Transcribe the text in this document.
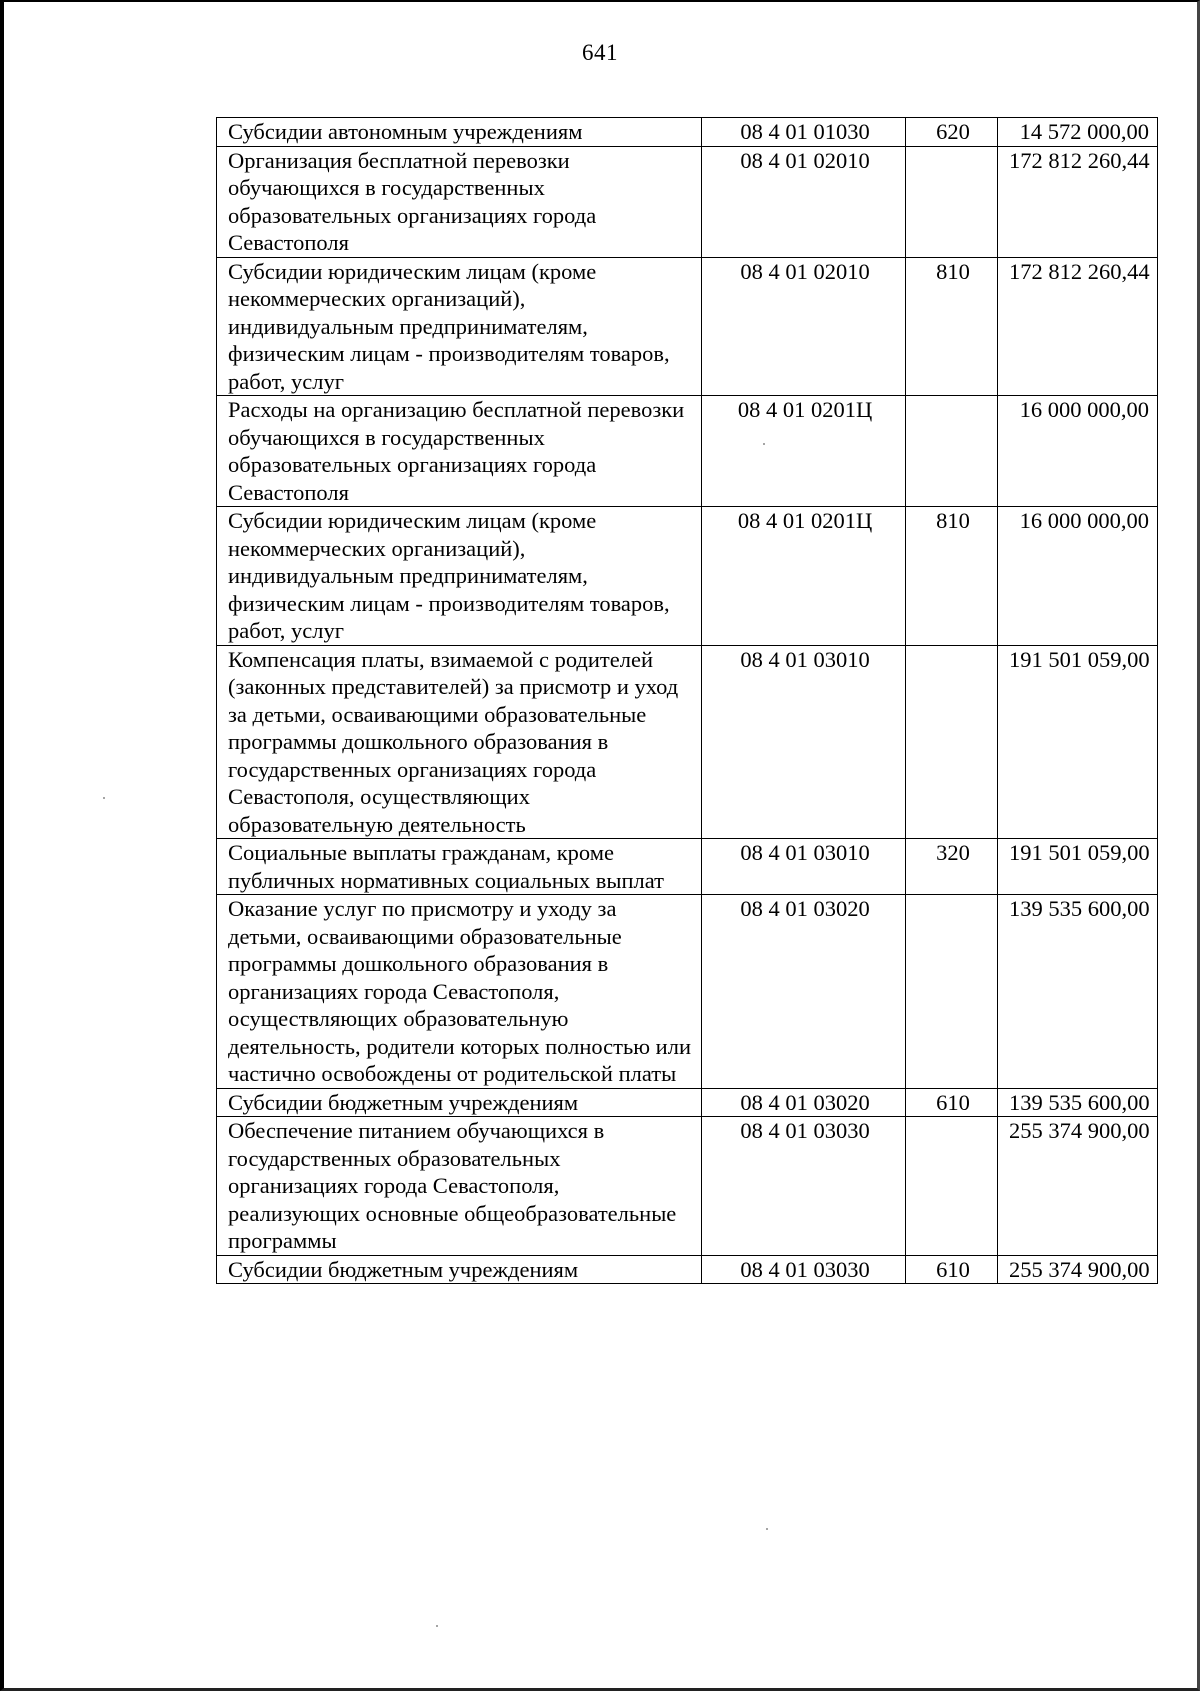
641
Субсидии автономным учреждениям	08 4 01 01030	620	14 572 000,00
Организация бесплатной перевозки обучающихся в государственных образовательных организациях города Севастополя	08 4 01 02010		172 812 260,44
Субсидии юридическим лицам (кроме некоммерческих организаций), индивидуальным предпринимателям, физическим лицам - производителям товаров, работ, услуг	08 4 01 02010	810	172 812 260,44
Расходы на организацию бесплатной перевозки обучающихся в государственных образовательных организациях города Севастополя	08 4 01 0201Ц		16 000 000,00
Субсидии юридическим лицам (кроме некоммерческих организаций), индивидуальным предпринимателям, физическим лицам - производителям товаров, работ, услуг	08 4 01 0201Ц	810	16 000 000,00
Компенсация платы, взимаемой с родителей (законных представителей) за присмотр и уход за детьми, осваивающими образовательные программы дошкольного образования в государственных организациях города Севастополя, осуществляющих образовательную деятельность	08 4 01 03010		191 501 059,00
Социальные выплаты гражданам, кроме публичных нормативных социальных выплат	08 4 01 03010	320	191 501 059,00
Оказание услуг по присмотру и уходу за детьми, осваивающими образовательные программы дошкольного образования в организациях города Севастополя, осуществляющих образовательную деятельность, родители которых полностью или частично освобождены от родительской платы	08 4 01 03020		139 535 600,00
Субсидии бюджетным учреждениям	08 4 01 03020	610	139 535 600,00
Обеспечение питанием обучающихся в государственных образовательных организациях города Севастополя, реализующих основные общеобразовательные программы	08 4 01 03030		255 374 900,00
Субсидии бюджетным учреждениям	08 4 01 03030	610	255 374 900,00
